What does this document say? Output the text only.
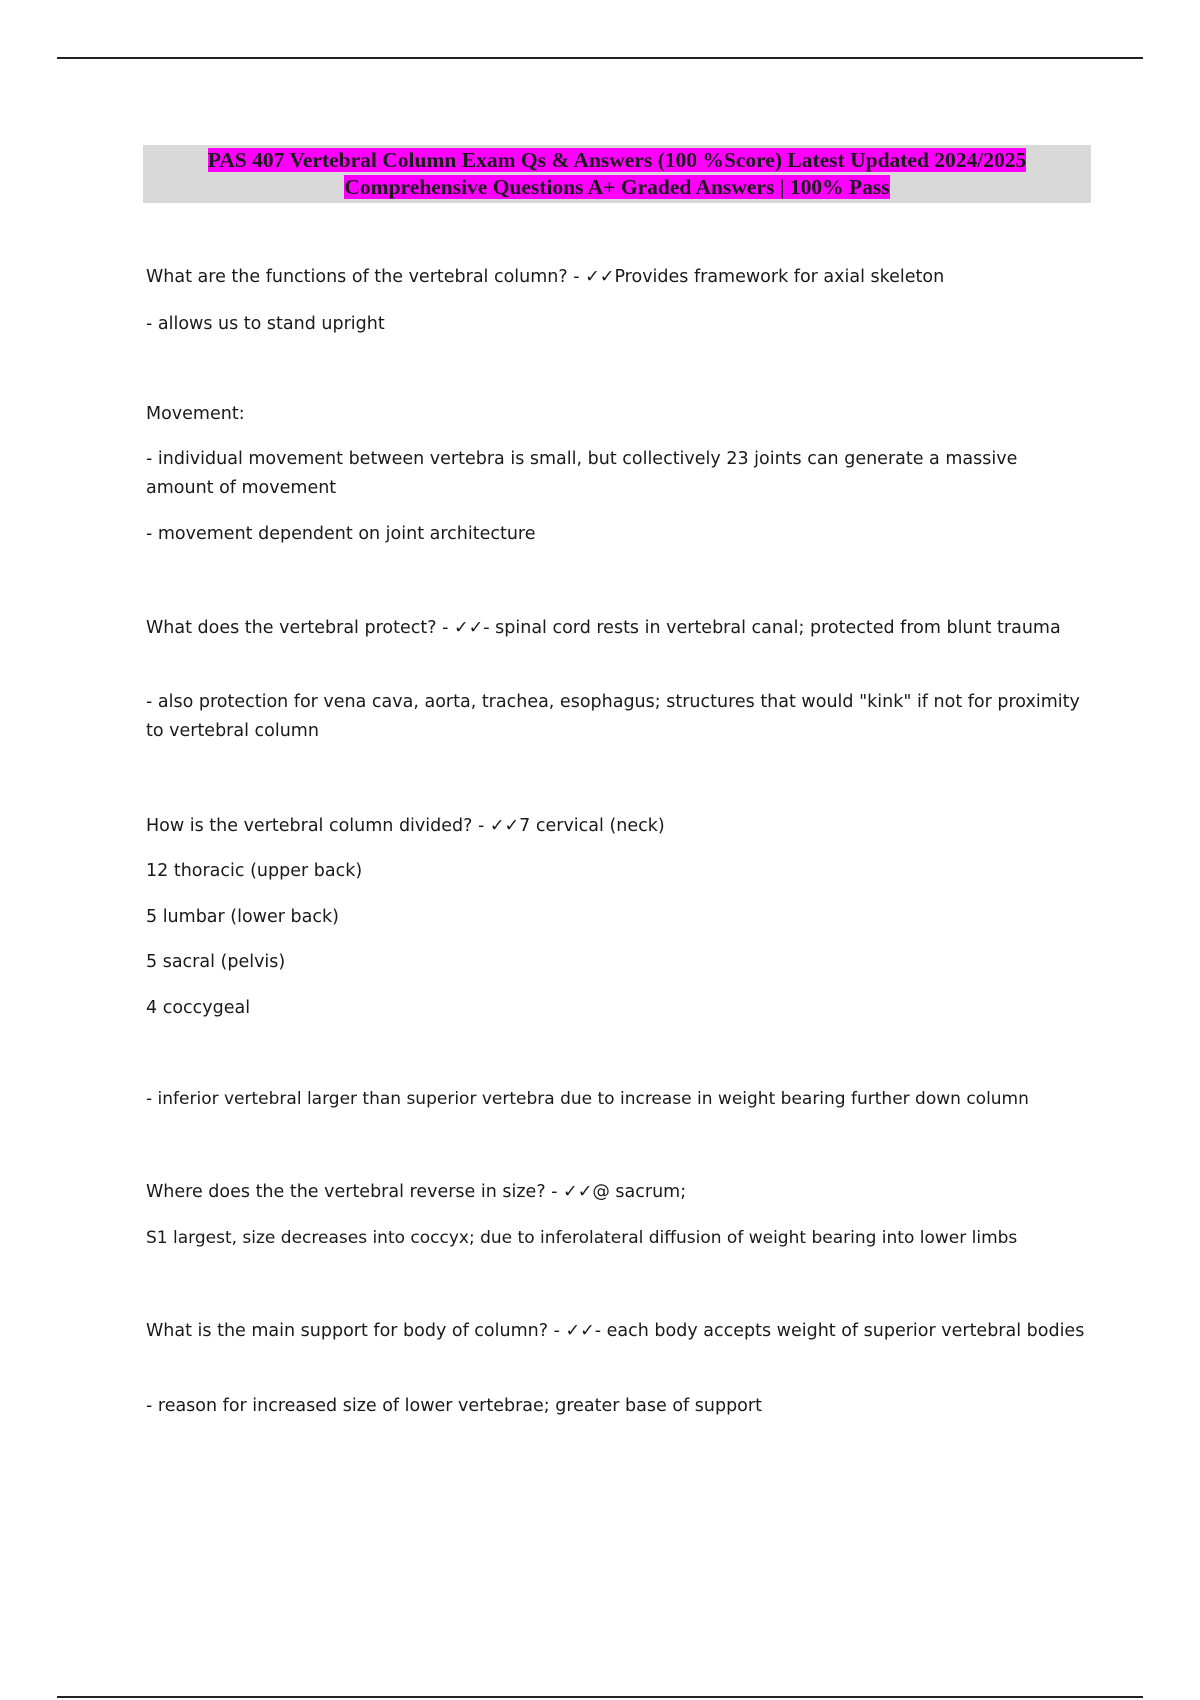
PAS 407 Vertebral Column Exam Qs & Answers (100 %Score) Latest Updated 2024/2025
Comprehensive Questions A+ Graded Answers | 100% Pass
What are the functions of the vertebral column? - ✓✓Provides framework for axial skeleton
- allows us to stand upright
Movement:
- individual movement between vertebra is small, but collectively 23 joints can generate a massive amount of movement
- movement dependent on joint architecture
What does the vertebral protect? - ✓✓- spinal cord rests in vertebral canal; protected from blunt trauma
- also protection for vena cava, aorta, trachea, esophagus; structures that would "kink" if not for proximity to vertebral column
How is the vertebral column divided? - ✓✓7 cervical (neck)
12 thoracic (upper back)
5 lumbar (lower back)
5 sacral (pelvis)
4 coccygeal
- inferior vertebral larger than superior vertebra due to increase in weight bearing further down column
Where does the the vertebral reverse in size? - ✓✓@ sacrum;
S1 largest, size decreases into coccyx; due to inferolateral diffusion of weight bearing into lower limbs
What is the main support for body of column? - ✓✓- each body accepts weight of superior vertebral bodies
- reason for increased size of lower vertebrae; greater base of support
